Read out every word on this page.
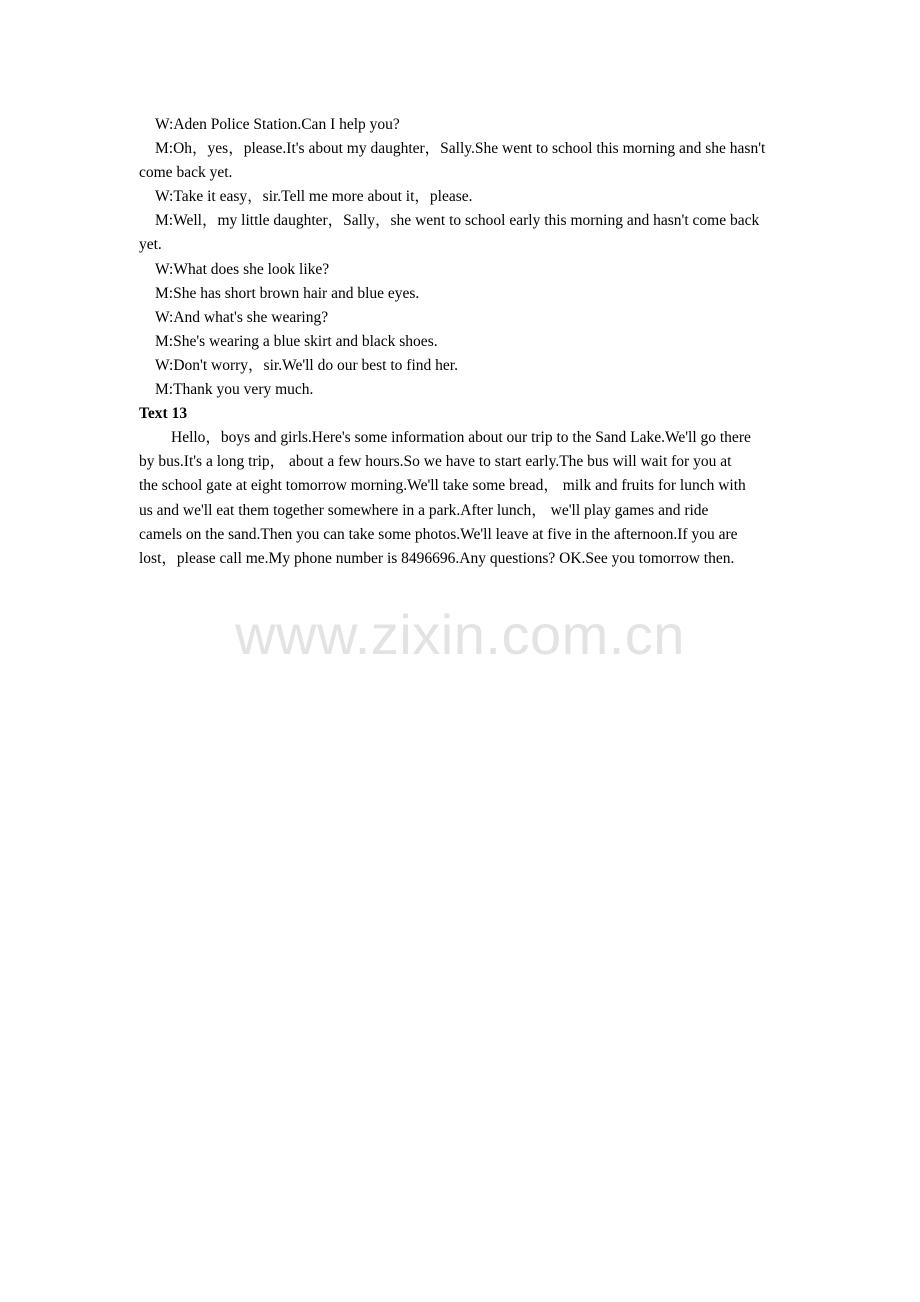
W:Aden Police Station.Can I help you?

M:Oh，yes，please.It's about my daughter，Sally.She went to school this morning and she hasn't come back yet.

W:Take it easy，sir.Tell me more about it，please.

M:Well，my little daughter，Sally，she went to school early this morning and hasn't come back yet.

W:What does she look like?

M:She has short brown hair and blue eyes.

W:And what's she wearing?

M:She's wearing a blue skirt and black shoes.

W:Don't worry，sir.We'll do our best to find her.

M:Thank you very much.

Text 13

Hello，boys and girls.Here's some information about our trip to the Sand Lake.We'll go there by bus.It's a long trip， about a few hours.So we have to start early.The bus will wait for you at the school gate at eight tomorrow morning.We'll take some bread， milk and fruits for lunch with us and we'll eat them together somewhere in a park.After lunch， we'll play games and ride camels on the sand.Then you can take some photos.We'll leave at five in the afternoon.If you are lost，please call me.My phone number is 8496696.Any questions? OK.See you tomorrow then.

www.zixin.com.cn
